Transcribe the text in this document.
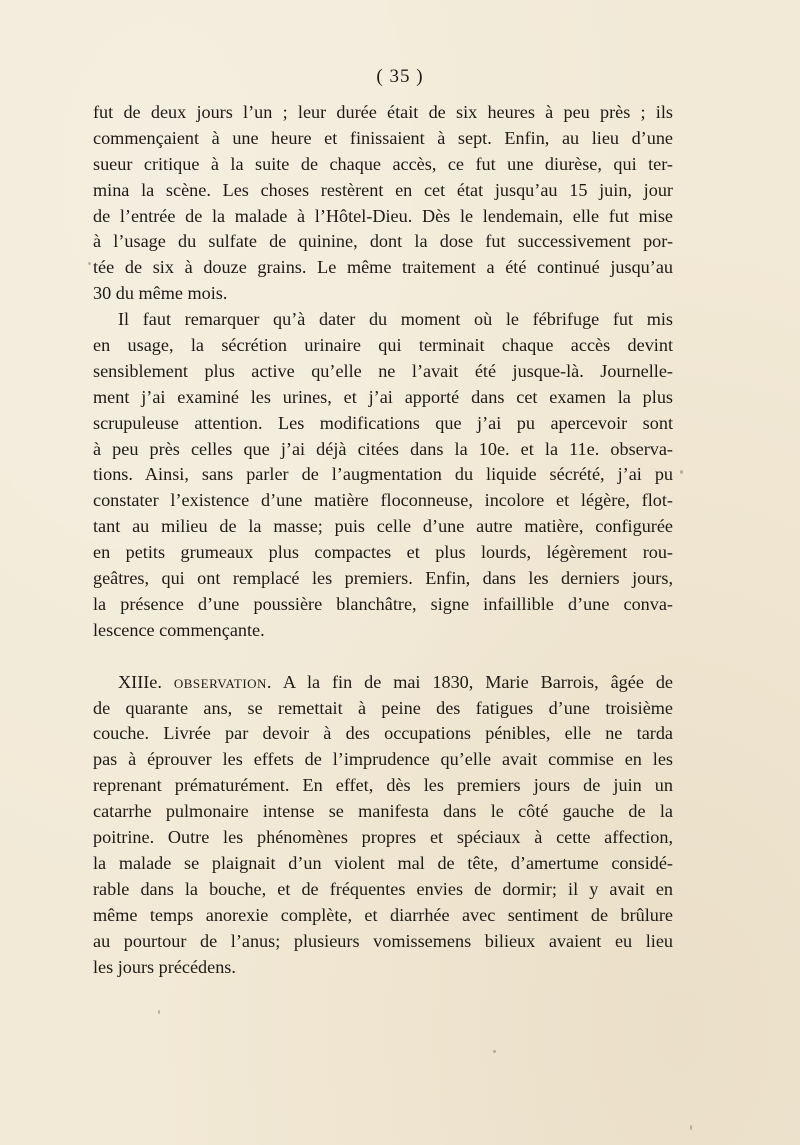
( 35 )
fut de deux jours l’un ; leur durée était de six heures à peu près ; ils
commençaient à une heure et finissaient à sept. Enfin, au lieu d’une
sueur critique à la suite de chaque accès, ce fut une diurèse, qui ter-
mina la scène. Les choses restèrent en cet état jusqu’au 15 juin, jour
de l’entrée de la malade à l’Hôtel-Dieu. Dès le lendemain, elle fut mise
à l’usage du sulfate de quinine, dont la dose fut successivement por-
tée de six à douze grains. Le même traitement a été continué jusqu’au
30 du même mois.
Il faut remarquer qu’à dater du moment où le fébrifuge fut mis
en usage, la sécrétion urinaire qui terminait chaque accès devint
sensiblement plus active qu’elle ne l’avait été jusque-là. Journelle-
ment j’ai examiné les urines, et j’ai apporté dans cet examen la plus
scrupuleuse attention. Les modifications que j’ai pu apercevoir sont
à peu près celles que j’ai déjà citées dans la 10e. et la 11e. observa-
tions. Ainsi, sans parler de l’augmentation du liquide sécrété, j’ai pu
constater l’existence d’une matière floconneuse, incolore et légère, flot-
tant au milieu de la masse; puis celle d’une autre matière, configurée
en petits grumeaux plus compactes et plus lourds, légèrement rou-
geâtres, qui ont remplacé les premiers. Enfin, dans les derniers jours,
la présence d’une poussière blanchâtre, signe infaillible d’une conva-
lescence commençante.
XIIIe. observation. A la fin de mai 1830, Marie Barrois, âgée de
de quarante ans, se remettait à peine des fatigues d’une troisième
couche. Livrée par devoir à des occupations pénibles, elle ne tarda
pas à éprouver les effets de l’imprudence qu’elle avait commise en les
reprenant prématurément. En effet, dès les premiers jours de juin un
catarrhe pulmonaire intense se manifesta dans le côté gauche de la
poitrine. Outre les phénomènes propres et spéciaux à cette affection,
la malade se plaignait d’un violent mal de tête, d’amertume considé-
rable dans la bouche, et de fréquentes envies de dormir; il y avait en
même temps anorexie complète, et diarrhée avec sentiment de brûlure
au pourtour de l’anus; plusieurs vomissemens bilieux avaient eu lieu
les jours précédens.
